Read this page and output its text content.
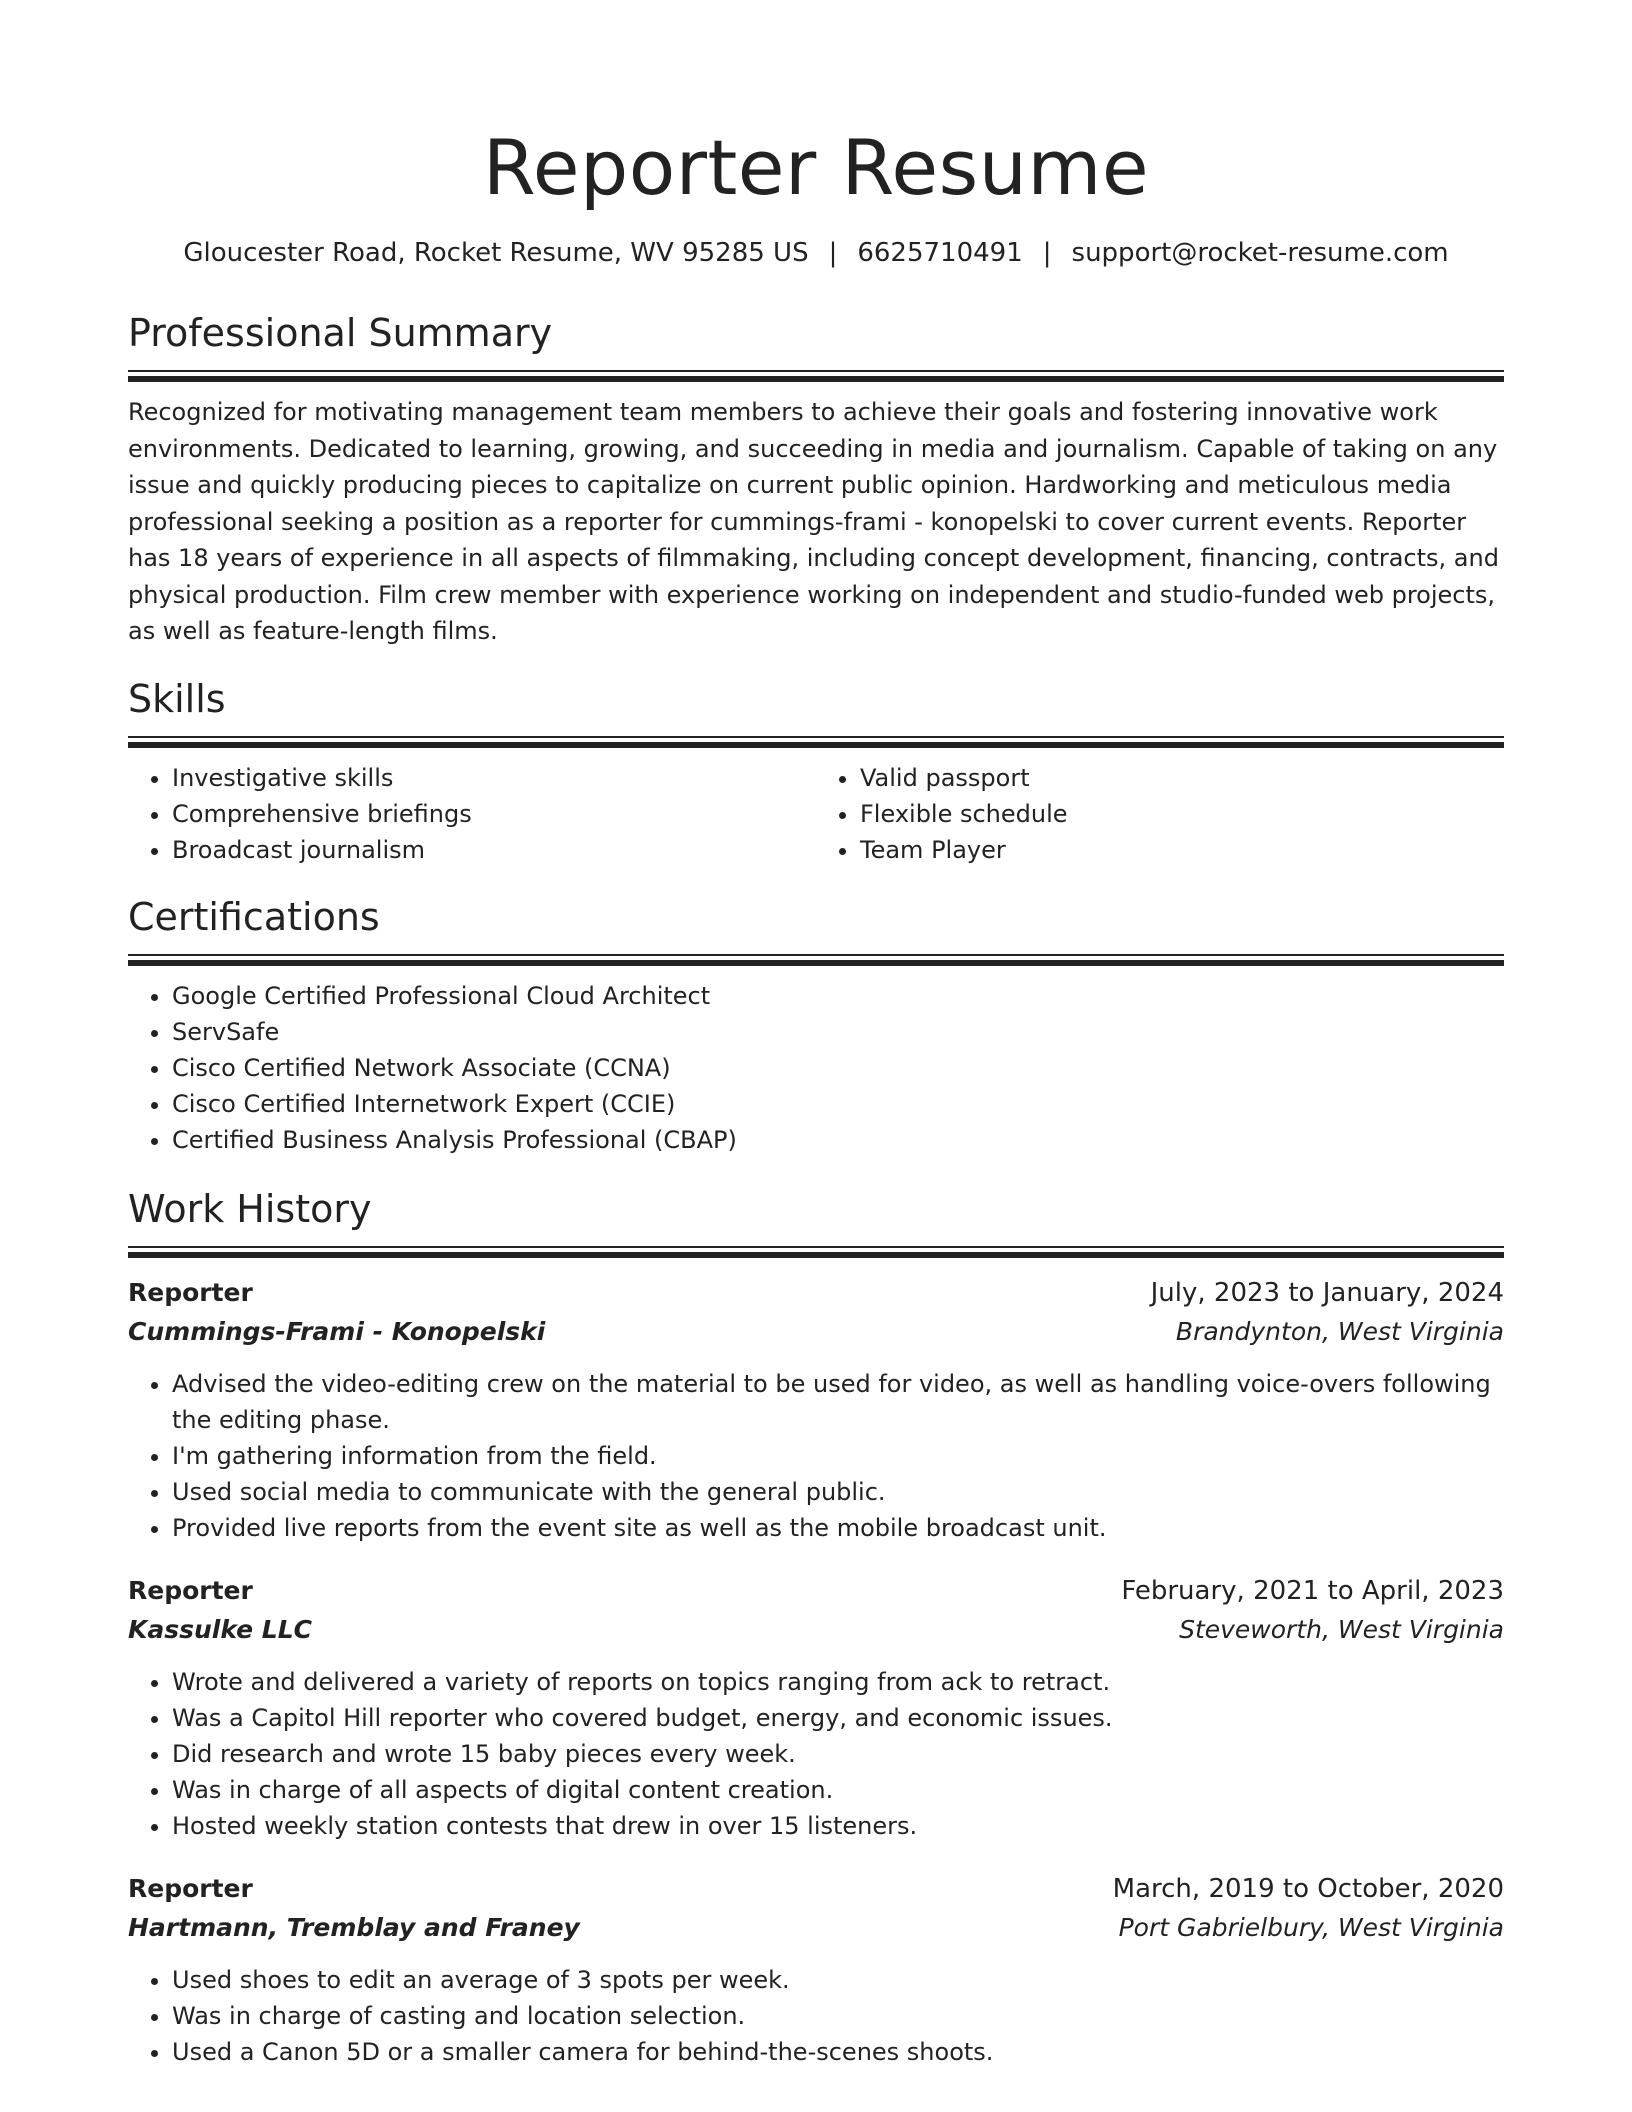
Reporter Resume
Gloucester Road, Rocket Resume, WV 95285 US | 6625710491 | support@rocket-resume.com
Professional Summary

Recognized for motivating management team members to achieve their goals and fostering innovative work environments. Dedicated to learning, growing, and succeeding in media and journalism. Capable of taking on any issue and quickly producing pieces to capitalize on current public opinion. Hardworking and meticulous media professional seeking a position as a reporter for cummings-frami - konopelski to cover current events. Reporter has 18 years of experience in all aspects of filmmaking, including concept development, financing, contracts, and physical production. Film crew member with experience working on independent and studio-funded web projects, as well as feature-length films.

Skills
• Investigative skills
• Comprehensive briefings
• Broadcast journalism
• Valid passport
• Flexible schedule
• Team Player
Certifications
• Google Certified Professional Cloud Architect
• ServSafe
• Cisco Certified Network Associate (CCNA)
• Cisco Certified Internetwork Expert (CCIE)
• Certified Business Analysis Professional (CBAP)
Work History
Reporter	July, 2023 to January, 2024
Cummings-Frami - Konopelski	Brandynton, West Virginia
• Advised the video-editing crew on the material to be used for video, as well as handling voice-overs following the editing phase.
• I'm gathering information from the field.
• Used social media to communicate with the general public.
• Provided live reports from the event site as well as the mobile broadcast unit.
Reporter	February, 2021 to April, 2023
Kassulke LLC	Steveworth, West Virginia
• Wrote and delivered a variety of reports on topics ranging from ack to retract.
• Was a Capitol Hill reporter who covered budget, energy, and economic issues.
• Did research and wrote 15 baby pieces every week.
• Was in charge of all aspects of digital content creation.
• Hosted weekly station contests that drew in over 15 listeners.
Reporter	March, 2019 to October, 2020
Hartmann, Tremblay and Franey	Port Gabrielbury, West Virginia
• Used shoes to edit an average of 3 spots per week.
• Was in charge of casting and location selection.
• Used a Canon 5D or a smaller camera for behind-the-scenes shoots.
